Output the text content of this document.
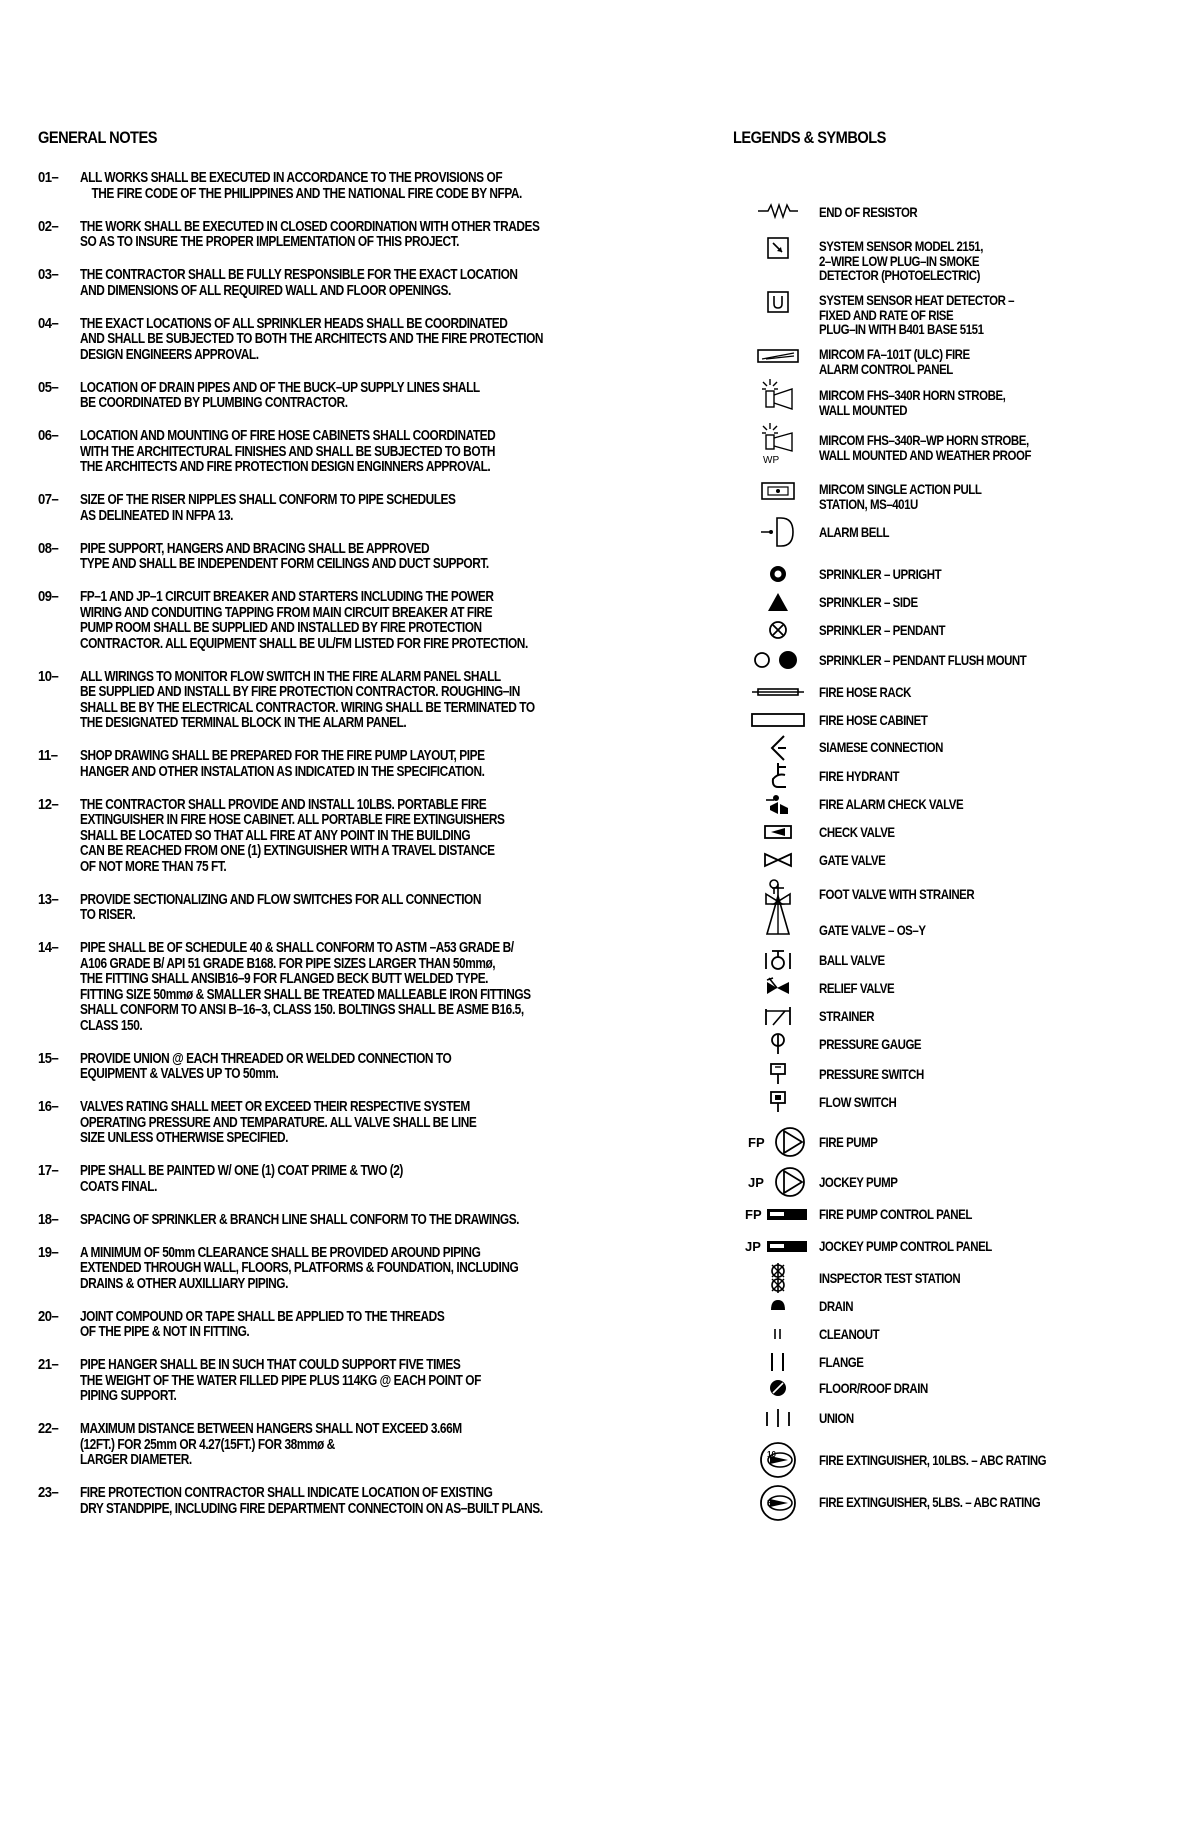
GENERAL NOTES
01–	ALL WORKS SHALL BE EXECUTED IN ACCORDANCE TO THE PROVISIONS OF
THE FIRE CODE OF THE PHILIPPINES AND THE NATIONAL FIRE CODE BY NFPA.
02–	THE WORK SHALL BE EXECUTED IN CLOSED COORDINATION WITH OTHER TRADES
SO AS TO INSURE THE PROPER IMPLEMENTATION OF THIS PROJECT.
03–	THE CONTRACTOR SHALL BE FULLY RESPONSIBLE FOR THE EXACT LOCATION
AND DIMENSIONS OF ALL REQUIRED WALL AND FLOOR OPENINGS.
04–	THE EXACT LOCATIONS OF ALL SPRINKLER HEADS SHALL BE COORDINATED
AND SHALL BE SUBJECTED TO BOTH THE ARCHITECTS AND THE FIRE PROTECTION
DESIGN ENGINEERS APPROVAL.
05–	LOCATION OF DRAIN PIPES AND OF THE BUCK–UP SUPPLY LINES SHALL
BE COORDINATED BY PLUMBING CONTRACTOR.
06–	LOCATION AND MOUNTING OF FIRE HOSE CABINETS SHALL COORDINATED
WITH THE ARCHITECTURAL FINISHES AND SHALL BE SUBJECTED TO BOTH
THE ARCHITECTS AND FIRE PROTECTION DESIGN ENGINNERS APPROVAL.
07–	SIZE OF THE RISER NIPPLES SHALL CONFORM TO PIPE SCHEDULES
AS DELINEATED IN NFPA 13.
08–	PIPE SUPPORT, HANGERS AND BRACING SHALL BE APPROVED
TYPE AND SHALL BE INDEPENDENT FORM CEILINGS AND DUCT SUPPORT.
09–	FP–1 AND JP–1 CIRCUIT BREAKER AND STARTERS INCLUDING THE POWER
WIRING AND CONDUITING TAPPING FROM MAIN CIRCUIT BREAKER AT FIRE
PUMP ROOM SHALL BE SUPPLIED AND INSTALLED BY FIRE PROTECTION
CONTRACTOR. ALL EQUIPMENT SHALL BE UL/FM LISTED FOR FIRE PROTECTION.
10–	ALL WIRINGS TO MONITOR FLOW SWITCH IN THE FIRE ALARM PANEL SHALL
BE SUPPLIED AND INSTALL BY FIRE PROTECTION CONTRACTOR. ROUGHING–IN
SHALL BE BY THE ELECTRICAL CONTRACTOR. WIRING SHALL BE TERMINATED TO
THE DESIGNATED TERMINAL BLOCK IN THE ALARM PANEL.
11–	SHOP DRAWING SHALL BE PREPARED FOR THE FIRE PUMP LAYOUT, PIPE
HANGER AND OTHER INSTALATION AS INDICATED IN THE SPECIFICATION.
12–	THE CONTRACTOR SHALL PROVIDE AND INSTALL 10LBS. PORTABLE FIRE
EXTINGUISHER IN FIRE HOSE CABINET. ALL PORTABLE FIRE EXTINGUISHERS
SHALL BE LOCATED SO THAT ALL FIRE AT ANY POINT IN THE BUILDING
CAN BE REACHED FROM ONE (1) EXTINGUISHER WITH A TRAVEL DISTANCE
OF NOT MORE THAN 75 FT.
13–	PROVIDE SECTIONALIZING AND FLOW SWITCHES FOR ALL CONNECTION
TO RISER.
14–	PIPE SHALL BE OF SCHEDULE 40 & SHALL CONFORM TO ASTM –A53 GRADE B/
A106 GRADE B/ API 51 GRADE B168. FOR PIPE SIZES LARGER THAN 50mmø,
THE FITTING SHALL ANSIB16–9 FOR FLANGED BECK BUTT WELDED TYPE.
FITTING SIZE 50mmø & SMALLER SHALL BE TREATED MALLEABLE IRON FITTINGS
SHALL CONFORM TO ANSI B–16–3, CLASS 150. BOLTINGS SHALL BE ASME B16.5,
CLASS 150.
15–	PROVIDE UNION @ EACH THREADED OR WELDED CONNECTION TO
EQUIPMENT & VALVES UP TO 50mm.
16–	VALVES RATING SHALL MEET OR EXCEED THEIR RESPECTIVE SYSTEM
OPERATING PRESSURE AND TEMPARATURE. ALL VALVE SHALL BE LINE
SIZE UNLESS OTHERWISE SPECIFIED.
17–	PIPE SHALL BE PAINTED W/ ONE (1) COAT PRIME & TWO (2)
COATS FINAL.
18–	SPACING OF SPRINKLER & BRANCH LINE SHALL CONFORM TO THE DRAWINGS.
19–	A MINIMUM OF 50mm CLEARANCE SHALL BE PROVIDED AROUND PIPING
EXTENDED THROUGH WALL, FLOORS, PLATFORMS & FOUNDATION, INCLUDING
DRAINS & OTHER AUXILLIARY PIPING.
20–	JOINT COMPOUND OR TAPE SHALL BE APPLIED TO THE THREADS
OF THE PIPE & NOT IN FITTING.
21–	PIPE HANGER SHALL BE IN SUCH THAT COULD SUPPORT FIVE TIMES
THE WEIGHT OF THE WATER FILLED PIPE PLUS 114KG @ EACH POINT OF
PIPING SUPPORT.
22–	MAXIMUM DISTANCE BETWEEN HANGERS SHALL NOT EXCEED 3.66M
(12FT.) FOR 25mm OR 4.27(15FT.) FOR 38mmø &
LARGER DIAMETER.
23–	FIRE PROTECTION CONTRACTOR SHALL INDICATE LOCATION OF EXISTING
DRY STANDPIPE, INCLUDING FIRE DEPARTMENT CONNECTOIN ON AS–BUILT PLANS.
LEGENDS & SYMBOLS
END OF RESISTOR
SYSTEM SENSOR MODEL 2151,
2–WIRE LOW PLUG–IN SMOKE
DETECTOR (PHOTOELECTRIC)
SYSTEM SENSOR HEAT DETECTOR –
FIXED AND RATE OF RISE
PLUG–IN WITH B401 BASE 5151
MIRCOM FA–101T (ULC) FIRE
ALARM CONTROL PANEL
MIRCOM FHS–340R HORN STROBE,
WALL MOUNTED
WP
MIRCOM FHS–340R–WP HORN STROBE,
WALL MOUNTED AND WEATHER PROOF
MIRCOM SINGLE ACTION PULL
STATION, MS–401U
ALARM BELL
SPRINKLER – UPRIGHT
SPRINKLER – SIDE
SPRINKLER – PENDANT
SPRINKLER – PENDANT FLUSH MOUNT
FIRE HOSE RACK
FIRE HOSE CABINET
SIAMESE CONNECTION
FIRE HYDRANT
FIRE ALARM CHECK VALVE
CHECK VALVE
GATE VALVE
FOOT VALVE WITH STRAINER
GATE VALVE – OS–Y
BALL VALVE
RELIEF VALVE
STRAINER
PRESSURE GAUGE
PRESSURE SWITCH
FLOW SWITCH
FP	FIRE PUMP
JP	JOCKEY PUMP
FP	FIRE PUMP CONTROL PANEL
JP	JOCKEY PUMP CONTROL PANEL
INSPECTOR TEST STATION
DRAIN
CLEANOUT
FLANGE
FLOOR/ROOF DRAIN
UNION
10	FIRE EXTINGUISHER, 10LBS. – ABC RATING
5	FIRE EXTINGUISHER, 5LBS. – ABC RATING
